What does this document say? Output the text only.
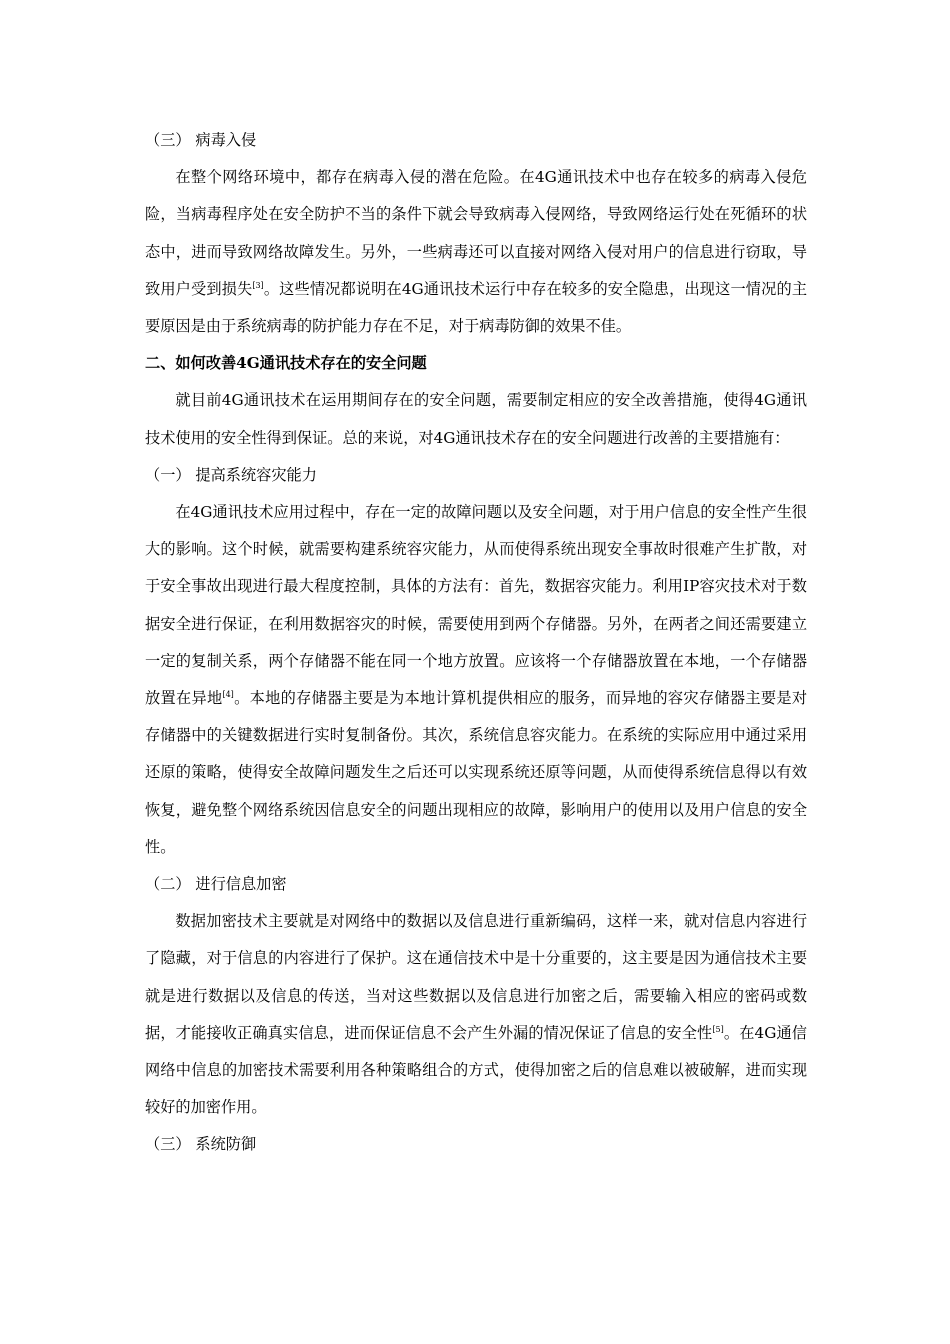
（三） 病毒入侵

在整个网络环境中，都存在病毒入侵的潜在危险。在4G通讯技术中也存在较多的病毒入侵危险，当病毒程序处在安全防护不当的条件下就会导致病毒入侵网络，导致网络运行处在死循环的状态中，进而导致网络故障发生。另外，一些病毒还可以直接对网络入侵对用户的信息进行窃取，导致用户受到损失[3]。这些情况都说明在4G通讯技术运行中存在较多的安全隐患，出现这一情况的主要原因是由于系统病毒的防护能力存在不足，对于病毒防御的效果不佳。

二、如何改善4G通讯技术存在的安全问题

就目前4G通讯技术在运用期间存在的安全问题，需要制定相应的安全改善措施，使得4G通讯技术使用的安全性得到保证。总的来说，对4G通讯技术存在的安全问题进行改善的主要措施有：

（一） 提高系统容灾能力

在4G通讯技术应用过程中，存在一定的故障问题以及安全问题，对于用户信息的安全性产生很大的影响。这个时候，就需要构建系统容灾能力，从而使得系统出现安全事故时很难产生扩散，对于安全事故出现进行最大程度控制，具体的方法有：首先，数据容灾能力。利用IP容灾技术对于数据安全进行保证，在利用数据容灾的时候，需要使用到两个存储器。另外，在两者之间还需要建立一定的复制关系，两个存储器不能在同一个地方放置。应该将一个存储器放置在本地，一个存储器放置在异地[4]。本地的存储器主要是为本地计算机提供相应的服务，而异地的容灾存储器主要是对存储器中的关键数据进行实时复制备份。其次，系统信息容灾能力。在系统的实际应用中通过采用还原的策略，使得安全故障问题发生之后还可以实现系统还原等问题，从而使得系统信息得以有效恢复，避免整个网络系统因信息安全的问题出现相应的故障，影响用户的使用以及用户信息的安全性。

（二） 进行信息加密

数据加密技术主要就是对网络中的数据以及信息进行重新编码，这样一来，就对信息内容进行了隐藏，对于信息的内容进行了保护。这在通信技术中是十分重要的，这主要是因为通信技术主要就是进行数据以及信息的传送，当对这些数据以及信息进行加密之后，需要输入相应的密码或数据，才能接收正确真实信息，进而保证信息不会产生外漏的情况保证了信息的安全性[5]。在4G通信网络中信息的加密技术需要利用各种策略组合的方式，使得加密之后的信息难以被破解，进而实现较好的加密作用。

（三） 系统防御
